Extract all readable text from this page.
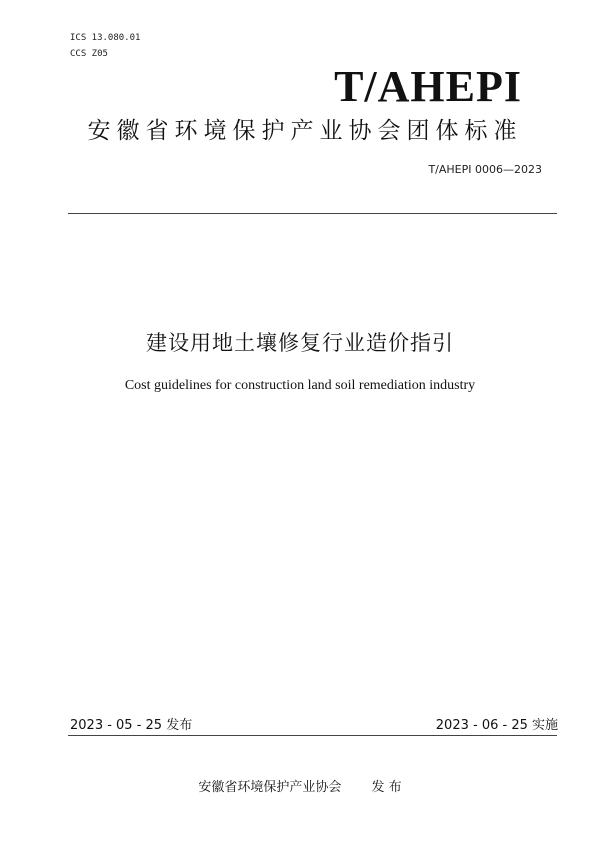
ICS 13.080.01
CCS Z05
T/AHEPI
安徽省环境保护产业协会团体标准
T/AHEPI 0006—2023
建设用地土壤修复行业造价指引
Cost guidelines for construction land soil remediation industry
2023 - 05 - 25 发布	2023 - 06 - 25 实施
安徽省环境保护产业协会 发 布
